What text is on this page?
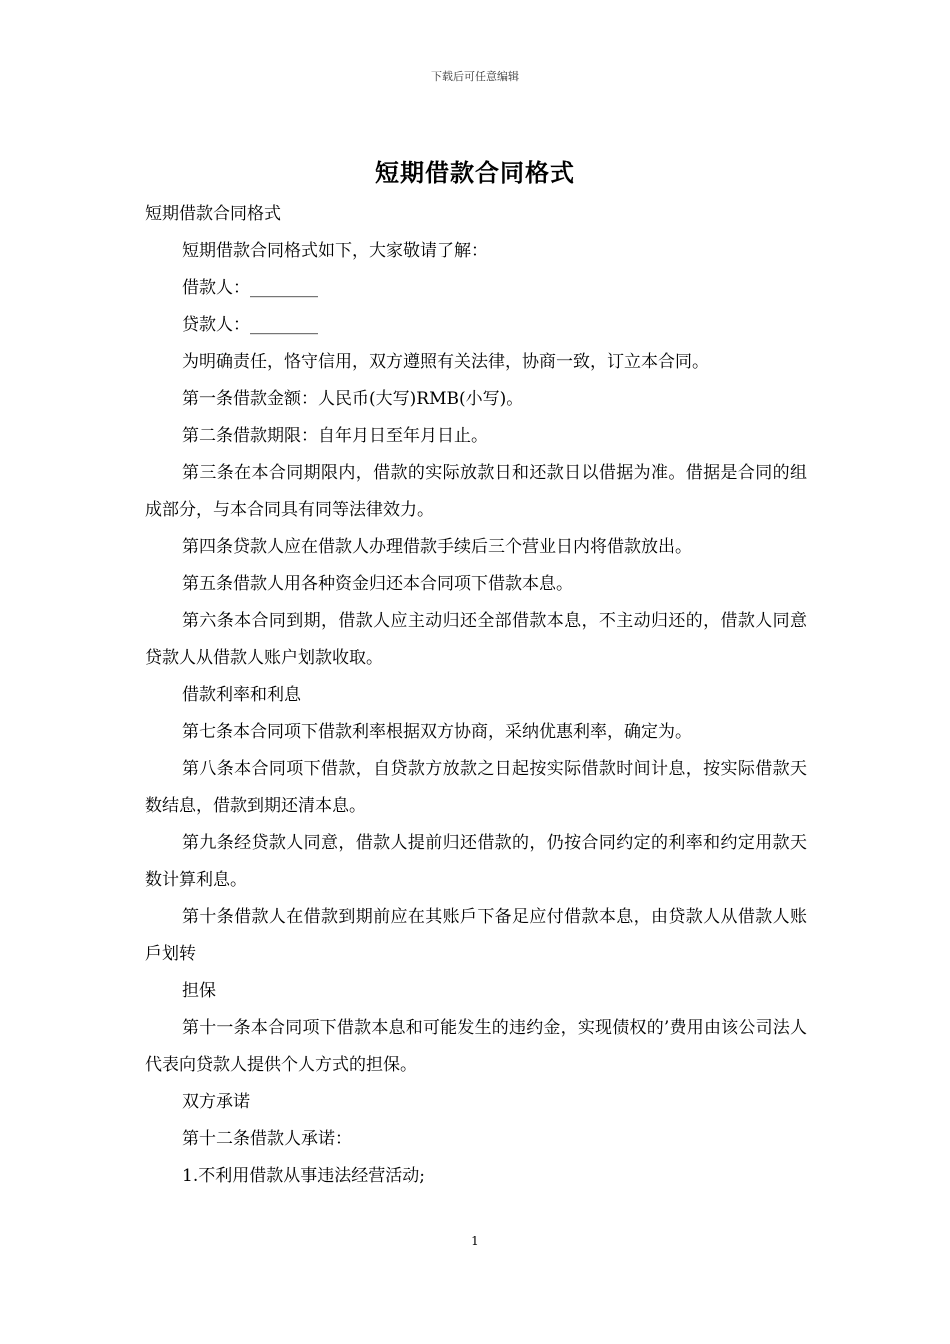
下载后可任意编辑
短期借款合同格式

短期借款合同格式

短期借款合同格式如下，大家敬请了解：

借款人：________

贷款人：________

为明确责任，恪守信用，双方遵照有关法律，协商一致，订立本合同。

第一条借款金额：人民币(大写)RMB(小写)。

第二条借款期限：自年月日至年月日止。

第三条在本合同期限内，借款的实际放款日和还款日以借据为准。借据是合同的组成部分，与本合同具有同等法律效力。

第四条贷款人应在借款人办理借款手续后三个营业日内将借款放出。

第五条借款人用各种资金归还本合同项下借款本息。

第六条本合同到期，借款人应主动归还全部借款本息，不主动归还的，借款人同意贷款人从借款人账户划款收取。

借款利率和利息

第七条本合同项下借款利率根据双方协商，采纳优惠利率，确定为。

第八条本合同项下借款，自贷款方放款之日起按实际借款时间计息，按实际借款天数结息，借款到期还清本息。

第九条经贷款人同意，借款人提前归还借款的，仍按合同约定的利率和约定用款天数计算利息。

第十条借款人在借款到期前应在其账戶下备足应付借款本息，由贷款人从借款人账戶划转

担保

第十一条本合同项下借款本息和可能发生的违约金，实现债权的’费用由该公司法人代表向贷款人提供个人方式的担保。

双方承诺

第十二条借款人承诺：

1.不利用借款从事违法经营活动;

1
